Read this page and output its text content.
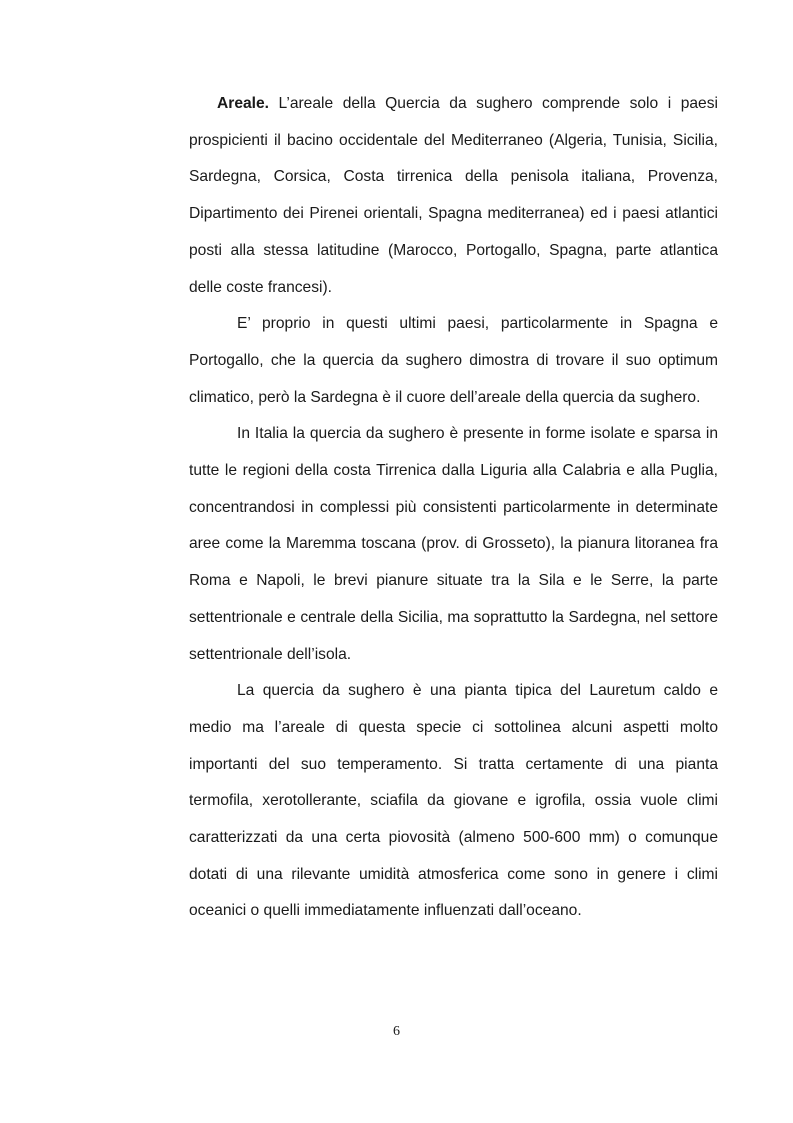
Areale. L’areale della Quercia da sughero comprende solo i paesi prospicienti il bacino occidentale del Mediterraneo (Algeria, Tunisia, Sicilia, Sardegna, Corsica, Costa tirrenica della penisola italiana, Provenza, Dipartimento dei Pirenei orientali, Spagna mediterranea) ed i paesi atlantici posti alla stessa latitudine (Marocco, Portogallo, Spagna, parte atlantica delle coste francesi).

E’ proprio in questi ultimi paesi, particolarmente in Spagna e Portogallo, che la quercia da sughero dimostra di trovare il suo optimum climatico, però la Sardegna è il cuore dell’areale della quercia da sughero.

In Italia la quercia da sughero è presente in forme isolate e sparsa in tutte le regioni della costa Tirrenica dalla Liguria alla Calabria e alla Puglia, concentrandosi in complessi più consistenti particolarmente in determinate aree come la Maremma toscana (prov. di Grosseto), la pianura litoranea fra Roma e Napoli, le brevi pianure situate tra la Sila e le Serre, la parte settentrionale e centrale della Sicilia, ma soprattutto la Sardegna, nel settore settentrionale dell’isola.

La quercia da sughero è una pianta tipica del Lauretum caldo e medio ma l’areale di questa specie ci sottolinea alcuni aspetti molto importanti del suo temperamento. Si tratta certamente di una pianta termofila, xerotollerante, sciafila da giovane e igrofila, ossia vuole climi caratterizzati da una certa piovosità (almeno 500-600 mm) o comunque dotati di una rilevante umidità atmosferica come sono in genere i climi oceanici o quelli immediatamente influenzati dall’oceano.

6
